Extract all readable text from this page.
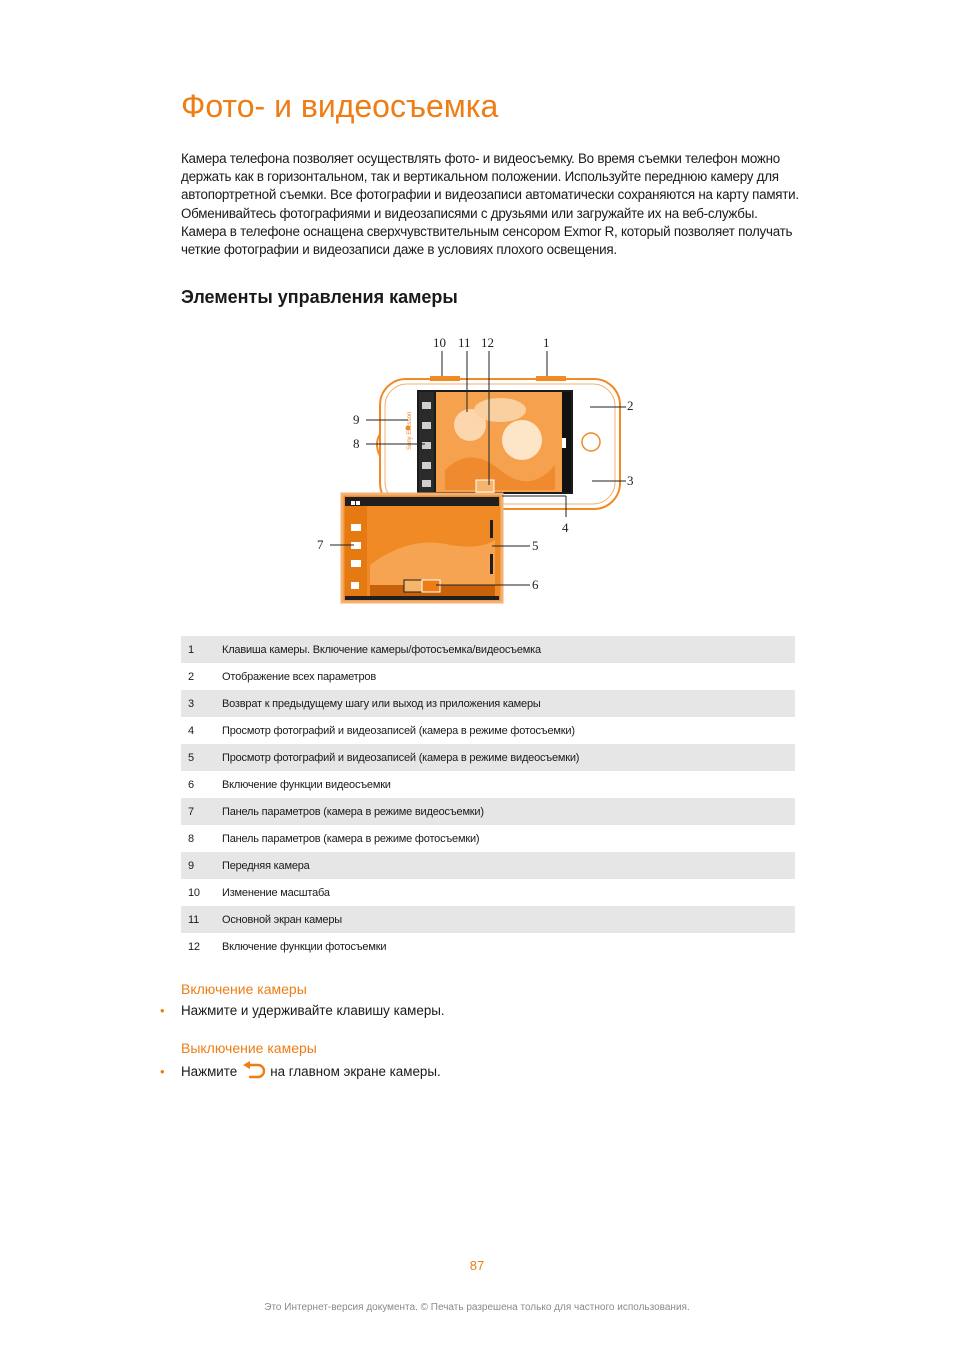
Фото- и видеосъемка

Камера телефона позволяет осуществлять фото- и видеосъемку. Во время съемки телефон можно держать как в горизонтальном, так и вертикальном положении. Используйте переднюю камеру для автопортретной съемки. Все фотографии и видеозаписи автоматически сохраняются на карту памяти. Обменивайтесь фотографиями и видеозаписями с друзьями или загружайте их на веб-службы. Камера в телефоне оснащена сверхчувствительным сенсором Exmor R, который позволяет получать четкие фотографии и видеозаписи даже в условиях плохого освещения.

Элементы управления камеры
Sony Ericsson
10 11 12	1
2
3
4
5
6
7
8
9
1	Клавиша камеры. Включение камеры/фотосъемка/видеосъемка
2	Отображение всех параметров
3	Возврат к предыдущему шагу или выход из приложения камеры
4	Просмотр фотографий и видеозаписей (камера в режиме фотосъемки)
5	Просмотр фотографий и видеозаписей (камера в режиме видеосъемки)
6	Включение функции видеосъемки
7	Панель параметров (камера в режиме видеосъемки)
8	Панель параметров (камера в режиме фотосъемки)
9	Передняя камера
10	Изменение масштаба
11	Основной экран камеры
12	Включение функции фотосъемки
Включение камеры
•	Нажмите и удерживайте клавишу камеры.
Выключение камеры
•	Нажмите на главном экране камеры.
87
Это Интернет-версия документа. © Печать разрешена только для частного использования.
